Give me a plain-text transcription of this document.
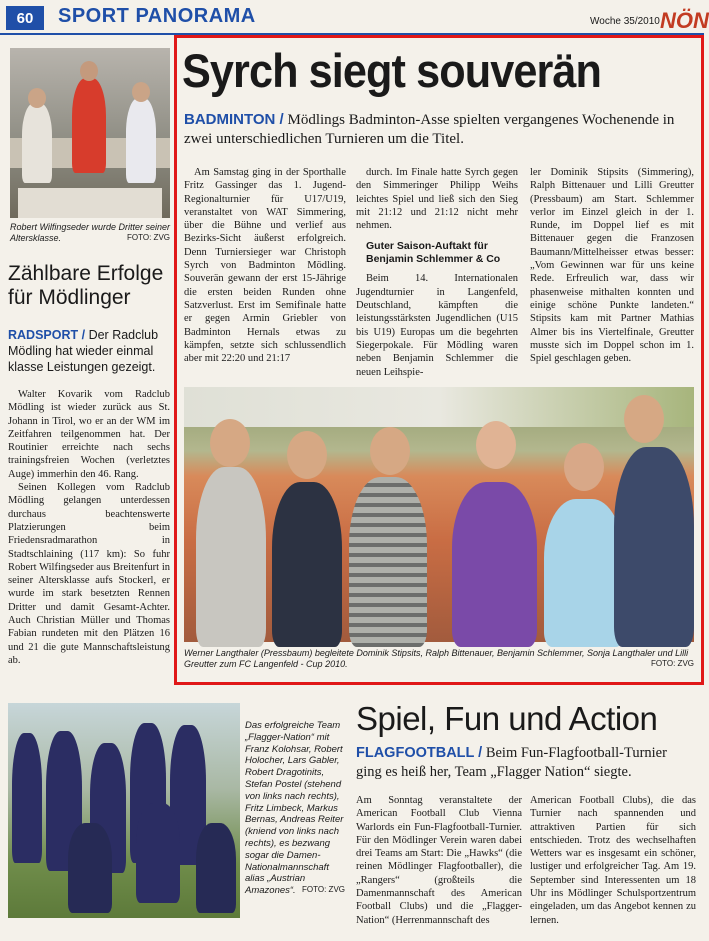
60	SPORT PANORAMA	Woche 35/2010 NÖN
Robert Wilfingseder wurde Dritter seiner Altersklasse.	FOTO: ZVG
Zählbare Erfolge für Mödlinger
RADSPORT / Der Radclub Mödling hat wieder einmal klasse Leistungen gezeigt.

Walter Kovarik vom Radclub Mödling ist wieder zurück aus St. Johann in Tirol, wo er an der WM im Zeitfahren teilgenommen hat. Der Routinier erreichte nach sechs trainingsfreien Wochen (verletztes Auge) immerhin den 46. Rang.

Seinen Kollegen vom Radclub Mödling gelangen unterdessen durchaus beachtenswerte Platzierungen beim Friedensradmarathon in Stadtschlaining (117 km): So fuhr Robert Wilfingseder aus Breitenfurt in seiner Altersklasse aufs Stockerl, er wurde im stark besetzten Rennen Dritter und damit Gesamt-Achter. Auch Christian Müller und Thomas Fabian rundeten mit den Plätzen 16 und 21 die gute Mannschaftsleistung ab.

Syrch siegt souverän
BADMINTON / Mödlings Badminton-Asse spielten vergangenes Wochenende in zwei unterschiedlichen Turnieren um die Titel.
Am Samstag ging in der Sporthalle Fritz Gassinger das 1. Jugend-Regionalturnier für U17/U19, veranstaltet von WAT Simmering, über die Bühne und verlief aus Bezirks-Sicht äußerst erfolgreich. Denn Turniersieger war Christoph Syrch von Badminton Mödling. Souverän gewann der erst 15-Jährige die ersten beiden Runden ohne Satzverlust. Erst im Semifinale hatte er gegen Armin Griebler von Badminton Hernals etwas zu kämpfen, setzte sich schlussendlich aber mit 22:20 und 21:17
durch. Im Finale hatte Syrch gegen den Simmeringer Philipp Weihs leichtes Spiel und ließ sich den Sieg mit 21:12 und 21:12 nicht mehr nehmen.
Guter Saison-Auftakt für Benjamin Schlemmer & Co
Beim 14. Internationalen Jugendturnier in Langenfeld, Deutschland, kämpften die leistungsstärksten Jugendlichen (U15 bis U19) Europas um die begehrten Siegerpokale. Für Mödling waren neben Benjamin Schlemmer die neuen Leihspie-
ler Dominik Stipsits (Simmering), Ralph Bittenauer und Lilli Greutter (Pressbaum) am Start. Schlemmer verlor im Einzel gleich in der 1. Runde, im Doppel lief es mit Bittenauer gegen die Franzosen Baumann/Mittelheisser etwas besser: „Vom Gewinnen war für uns keine Rede. Erfreulich war, dass wir phasenweise mithalten konnten und einige schöne Punkte landeten.“ Stipsits kam mit Partner Mathias Almer bis ins Viertelfinale, Greutter musste sich im Doppel schon im 1. Spiel geschlagen geben.
Werner Langthaler (Pressbaum) begleitete Dominik Stipsits, Ralph Bittenauer, Benjamin Schlemmer, Sonja Langthaler und Lilli Greutter zum FC Langenfeld - Cup 2010.	FOTO: ZVG
Das erfolgreiche Team „Flagger-Nation“ mit Franz Kolohsar, Robert Holocher, Lars Gabler, Robert Dragotinits, Stefan Postel (stehend von links nach rechts), Fritz Limbeck, Markus Bernas, Andreas Reiter (kniend von links nach rechts), es bezwang sogar die Damen-Nationalmannschaft alias „Austrian Amazones“. FOTO: ZVG
Spiel, Fun und Action
FLAGFOOTBALL / Beim Fun-Flagfootball-Turnier ging es heiß her, Team „Flagger Nation“ siegte.
Am Sonntag veranstaltete der American Football Club Vienna Warlords ein Fun-Flagfootball-Turnier. Für den Mödlinger Verein waren dabei drei Teams am Start: Die „Hawks“ (die reinen Mödlinger Flagfootballer), die „Rangers“ (großteils die Damenmannschaft des American Football Clubs) und die „Flagger-Nation“ (Herrenmannschaft des
American Football Clubs), die das Turnier nach spannenden und attraktiven Partien für sich entschieden. Trotz des wechselhaften Wetters war es insgesamt ein schöner, lustiger und erfolgreicher Tag. Am 19. September sind Interessenten um 18 Uhr ins Mödlinger Schulsportzentrum eingeladen, um das Angebot kennen zu lernen.
